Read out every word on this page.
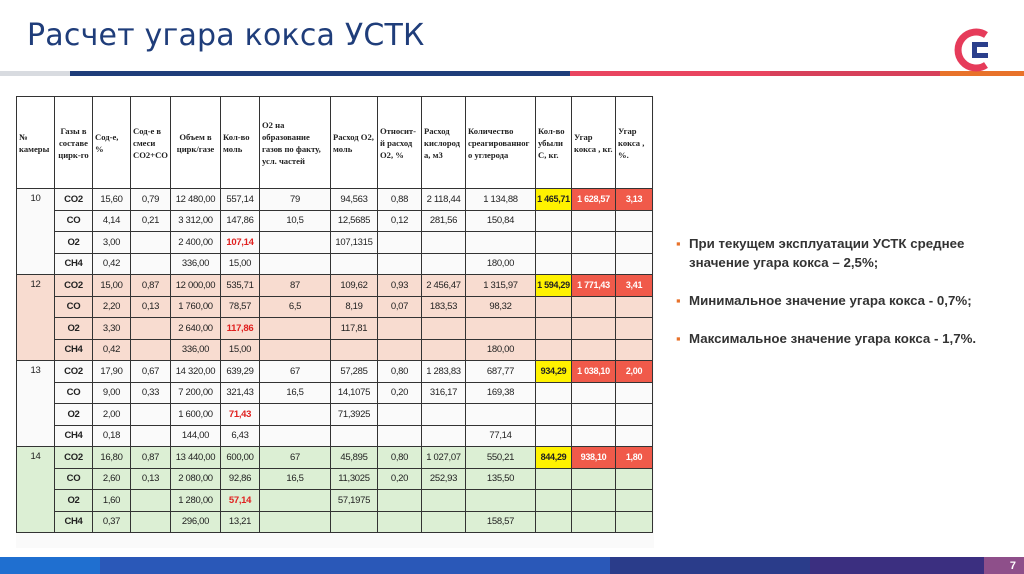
Расчет угара кокса УСТК
№ камеры	Газы в составе цирк-го	Сод-е, %	Сод-е в смеси CO2+CO	Объем в цирк/газе	Кол-во моль	O2 на образование газов по факту, усл. частей	Расход O2, моль	Относит-й расход O2, %	Расход кислород а, м3	Количество среагированног о углерода	Кол-во убыли С, кг.	Угар кокса , кг.	Угар кокса , %.
10	CO2	15,60	0,79	12 480,00	557,14	79	94,563	0,88	2 118,44	1 134,88	1 465,71	1 628,57	3,13
	CO	4,14	0,21	3 312,00	147,86	10,5	12,5685	0,12	281,56	150,84			
	O2	3,00		2 400,00	107,14		107,1315						
	CH4	0,42		336,00	15,00					180,00			
12	CO2	15,00	0,87	12 000,00	535,71	87	109,62	0,93	2 456,47	1 315,97	1 594,29	1 771,43	3,41
	CO	2,20	0,13	1 760,00	78,57	6,5	8,19	0,07	183,53	98,32			
	O2	3,30		2 640,00	117,86		117,81						
	CH4	0,42		336,00	15,00					180,00			
13	CO2	17,90	0,67	14 320,00	639,29	67	57,285	0,80	1 283,83	687,77	934,29	1 038,10	2,00
	CO	9,00	0,33	7 200,00	321,43	16,5	14,1075	0,20	316,17	169,38			
	O2	2,00		1 600,00	71,43		71,3925						
	CH4	0,18		144,00	6,43					77,14			
14	CO2	16,80	0,87	13 440,00	600,00	67	45,895	0,80	1 027,07	550,21	844,29	938,10	1,80
	CO	2,60	0,13	2 080,00	92,86	16,5	11,3025	0,20	252,93	135,50			
	O2	1,60		1 280,00	57,14		57,1975						
	CH4	0,37		296,00	13,21					158,57			
▪ При текущем эксплуатации УСТК среднее значение угара кокса – 2,5%;
▪ Минимальное значение угара кокса - 0,7%;
▪ Максимальное значение угара кокса - 1,7%.
7
